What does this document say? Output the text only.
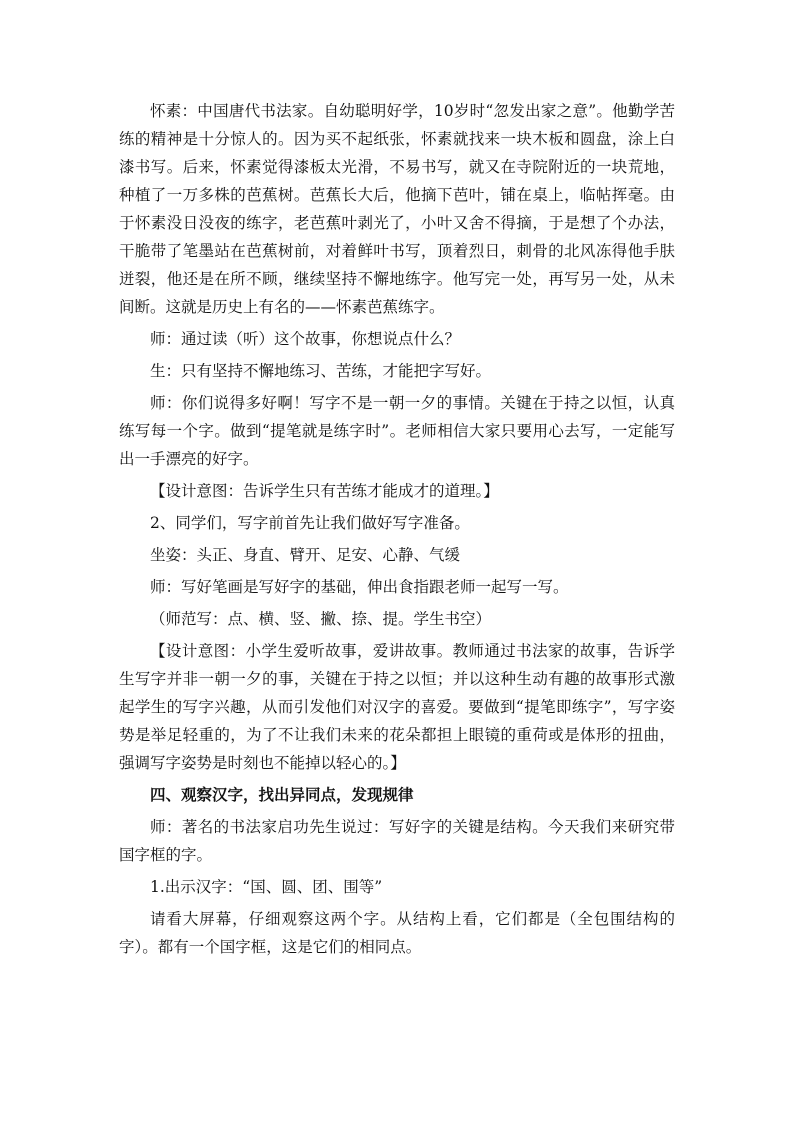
怀素：中国唐代书法家。自幼聪明好学，10岁时“忽发出家之意”。他勤学苦练的精神是十分惊人的。因为买不起纸张，怀素就找来一块木板和圆盘，涂上白漆书写。后来，怀素觉得漆板太光滑，不易书写，就又在寺院附近的一块荒地，种植了一万多株的芭蕉树。芭蕉长大后，他摘下芭叶，铺在桌上，临帖挥毫。由于怀素没日没夜的练字，老芭蕉叶剥光了，小叶又舍不得摘，于是想了个办法，干脆带了笔墨站在芭蕉树前，对着鲜叶书写，顶着烈日，刺骨的北风冻得他手肤迸裂，他还是在所不顾，继续坚持不懈地练字。他写完一处，再写另一处，从未间断。这就是历史上有名的——怀素芭蕉练字。

师：通过读（听）这个故事，你想说点什么？

生：只有坚持不懈地练习、苦练，才能把字写好。

师：你们说得多好啊！写字不是一朝一夕的事情。关键在于持之以恒，认真练写每一个字。做到“提笔就是练字时”。老师相信大家只要用心去写，一定能写出一手漂亮的好字。

【设计意图：告诉学生只有苦练才能成才的道理。】

2、同学们，写字前首先让我们做好写字准备。

坐姿：头正、身直、臂开、足安、心静、气缓

师：写好笔画是写好字的基础，伸出食指跟老师一起写一写。

（师范写：点、横、竖、撇、捺、提。学生书空）

【设计意图：小学生爱听故事，爱讲故事。教师通过书法家的故事，告诉学生写字并非一朝一夕的事，关键在于持之以恒；并以这种生动有趣的故事形式激起学生的写字兴趣，从而引发他们对汉字的喜爱。要做到“提笔即练字”，写字姿势是举足轻重的，为了不让我们未来的花朵都担上眼镜的重荷或是体形的扭曲，强调写字姿势是时刻也不能掉以轻心的。】

四、观察汉字，找出异同点，发现规律

师：著名的书法家启功先生说过：写好字的关键是结构。今天我们来研究带国字框的字。

1.出示汉字：“国、圆、团、围等”

请看大屏幕，仔细观察这两个字。从结构上看，它们都是（全包围结构的字）。都有一个国字框，这是它们的相同点。
